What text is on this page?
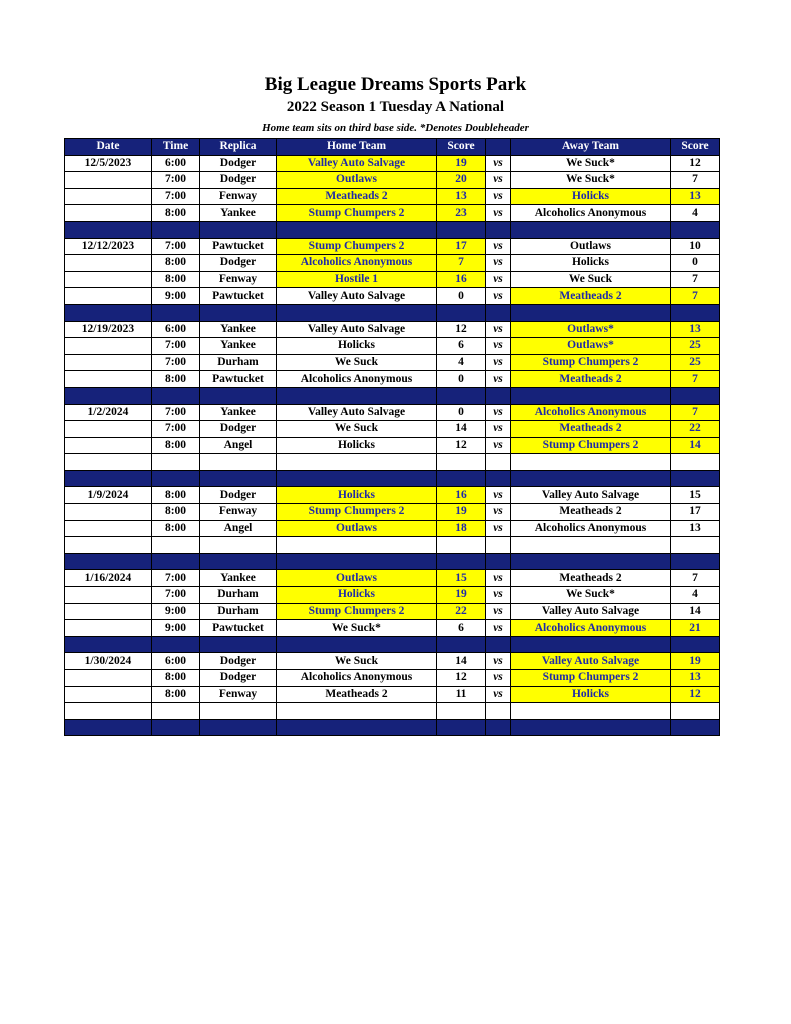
Big League Dreams Sports Park
2022 Season 1 Tuesday A National
Home team sits on third base side. *Denotes Doubleheader
Date	Time	Replica	Home Team	Score		Away Team	Score
12/5/2023	6:00	Dodger	Valley Auto Salvage	19	vs	We Suck*	12
	7:00	Dodger	Outlaws	20	vs	We Suck*	7
	7:00	Fenway	Meatheads 2	13	vs	Holicks	13
	8:00	Yankee	Stump Chumpers 2	23	vs	Alcoholics Anonymous	4

12/12/2023	7:00	Pawtucket	Stump Chumpers 2	17	vs	Outlaws	10
	8:00	Dodger	Alcoholics Anonymous	7	vs	Holicks	0
	8:00	Fenway	Hostile 1	16	vs	We Suck	7
	9:00	Pawtucket	Valley Auto Salvage	0	vs	Meatheads 2	7

12/19/2023	6:00	Yankee	Valley Auto Salvage	12	vs	Outlaws*	13
	7:00	Yankee	Holicks	6	vs	Outlaws*	25
	7:00	Durham	We Suck	4	vs	Stump Chumpers 2	25
	8:00	Pawtucket	Alcoholics Anonymous	0	vs	Meatheads 2	7

1/2/2024	7:00	Yankee	Valley Auto Salvage	0	vs	Alcoholics Anonymous	7
	7:00	Dodger	We Suck	14	vs	Meatheads 2	22
	8:00	Angel	Holicks	12	vs	Stump Chumpers 2	14

1/9/2024	8:00	Dodger	Holicks	16	vs	Valley Auto Salvage	15
	8:00	Fenway	Stump Chumpers 2	19	vs	Meatheads 2	17
	8:00	Angel	Outlaws	18	vs	Alcoholics Anonymous	13

1/16/2024	7:00	Yankee	Outlaws	15	vs	Meatheads 2	7
	7:00	Durham	Holicks	19	vs	We Suck*	4
	9:00	Durham	Stump Chumpers 2	22	vs	Valley Auto Salvage	14
	9:00	Pawtucket	We Suck*	6	vs	Alcoholics Anonymous	21

1/30/2024	6:00	Dodger	We Suck	14	vs	Valley Auto Salvage	19
	8:00	Dodger	Alcoholics Anonymous	12	vs	Stump Chumpers 2	13
	8:00	Fenway	Meatheads 2	11	vs	Holicks	12
